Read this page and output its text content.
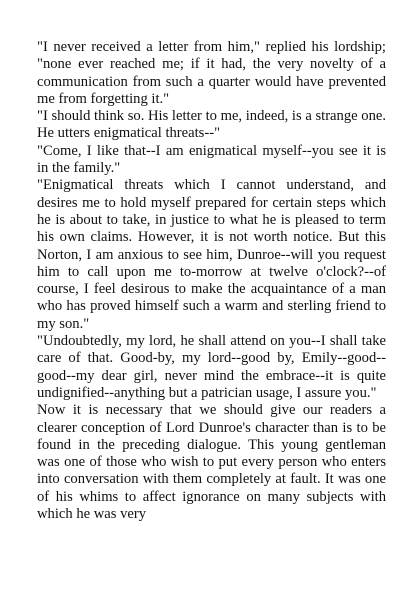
"I never received a letter from him," replied his lordship; "none ever reached me; if it had, the very novelty of a communication from such a quarter would have prevented me from forgetting it."

"I should think so. His letter to me, indeed, is a strange one. He utters enigmatical threats--"

"Come, I like that--I am enigmatical myself--you see it is in the family."

"Enigmatical threats which I cannot understand, and desires me to hold myself prepared for certain steps which he is about to take, in justice to what he is pleased to term his own claims. However, it is not worth notice. But this Norton, I am anxious to see him, Dunroe--will you request him to call upon me to-morrow at twelve o'clock?--of course, I feel desirous to make the acquaintance of a man who has proved himself such a warm and sterling friend to my son."

"Undoubtedly, my lord, he shall attend on you--I shall take care of that. Good-by, my lord--good by, Emily--good--good--my dear girl, never mind the embrace--it is quite undignified--anything but a patrician usage, I assure you."

Now it is necessary that we should give our readers a clearer conception of Lord Dunroe's character than is to be found in the preceding dialogue. This young gentleman was one of those who wish to put every person who enters into conversation with them completely at fault. It was one of his whims to affect ignorance on many subjects with which he was very
